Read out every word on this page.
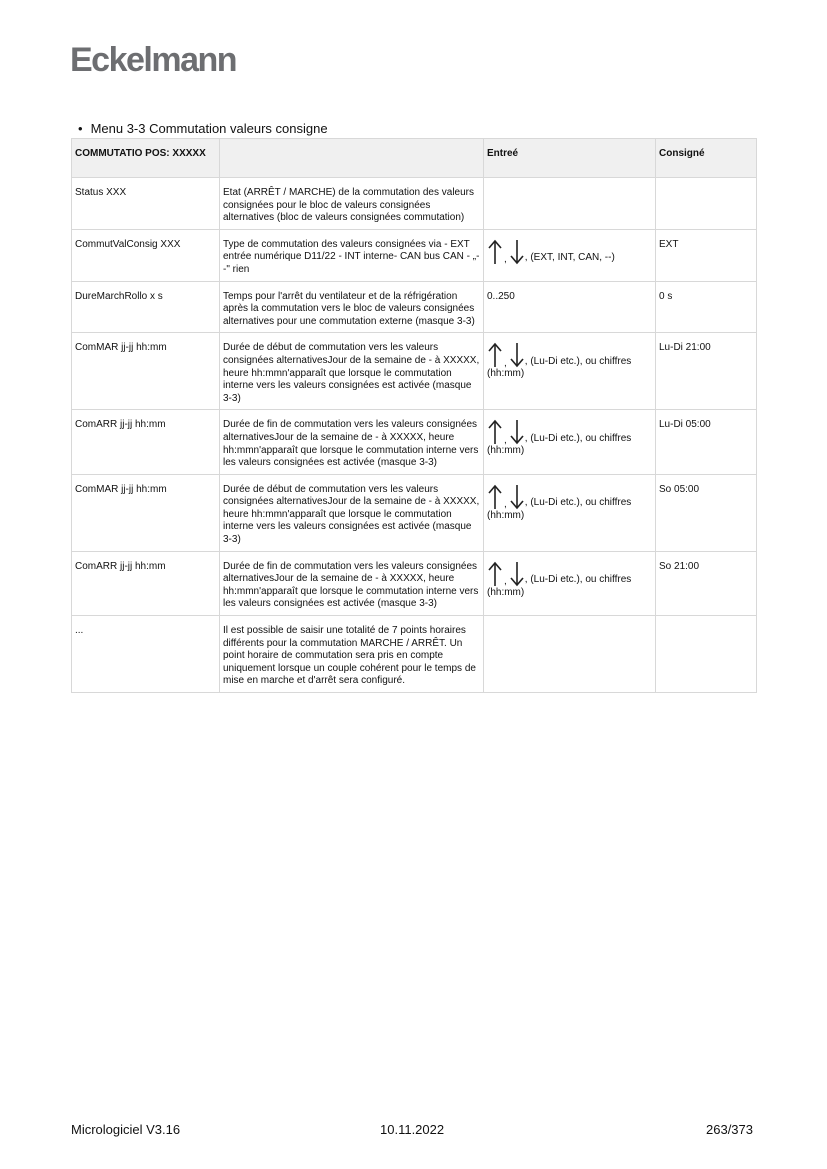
Eckelmann
• Menu 3-3 Commutation valeurs consigne
COMMUTATIO POS: XXXXX		Entreé	Consigné
Status XXX	Etat (ARRÊT / MARCHE) de la commutation des valeurs consignées pour le bloc de valeurs consignées alternatives (bloc de valeurs consignées commutation)		
CommutValConsig XXX	Type de commutation des valeurs consignées via - EXT entrée numérique D11/22 - INT interne- CAN bus CAN - „--" rien	, , (EXT, INT, CAN, --)	EXT
DureMarchRollo x s	Temps pour l'arrêt du ventilateur et de la réfrigération après la commutation vers le bloc de valeurs consignées alternatives pour une commutation externe (masque 3-3)	0..250	0 s
ComMAR jj-jj hh:mm	Durée de début de commutation vers les valeurs consignées alternativesJour de la semaine de - à XXXXX, heure hh:mmn'apparaît que lorsque le commutation interne vers les valeurs consignées est activée (masque 3-3)	, , (Lu-Di etc.), ou chiffres (hh:mm)	Lu-Di 21:00
ComARR jj-jj hh:mm	Durée de fin de commutation vers les valeurs consignées alternativesJour de la semaine de - à XXXXX, heure hh:mmn'apparaît que lorsque le commutation interne vers les valeurs consignées est activée (masque 3-3)	, , (Lu-Di etc.), ou chiffres (hh:mm)	Lu-Di 05:00
ComMAR jj-jj hh:mm	Durée de début de commutation vers les valeurs consignées alternativesJour de la semaine de - à XXXXX, heure hh:mmn'apparaît que lorsque le commutation interne vers les valeurs consignées est activée (masque 3-3)	, , (Lu-Di etc.), ou chiffres (hh:mm)	So 05:00
ComARR jj-jj hh:mm	Durée de fin de commutation vers les valeurs consignées alternativesJour de la semaine de - à XXXXX, heure hh:mmn'apparaît que lorsque le commutation interne vers les valeurs consignées est activée (masque 3-3)	, , (Lu-Di etc.), ou chiffres (hh:mm)	So 21:00
...	Il est possible de saisir une totalité de 7 points horaires différents pour la commutation MARCHE / ARRÊT. Un point horaire de commutation sera pris en compte uniquement lorsque un couple cohérent pour le temps de mise en marche et d'arrêt sera configuré.		
Micrologiciel V3.16	10.11.2022	263/373
